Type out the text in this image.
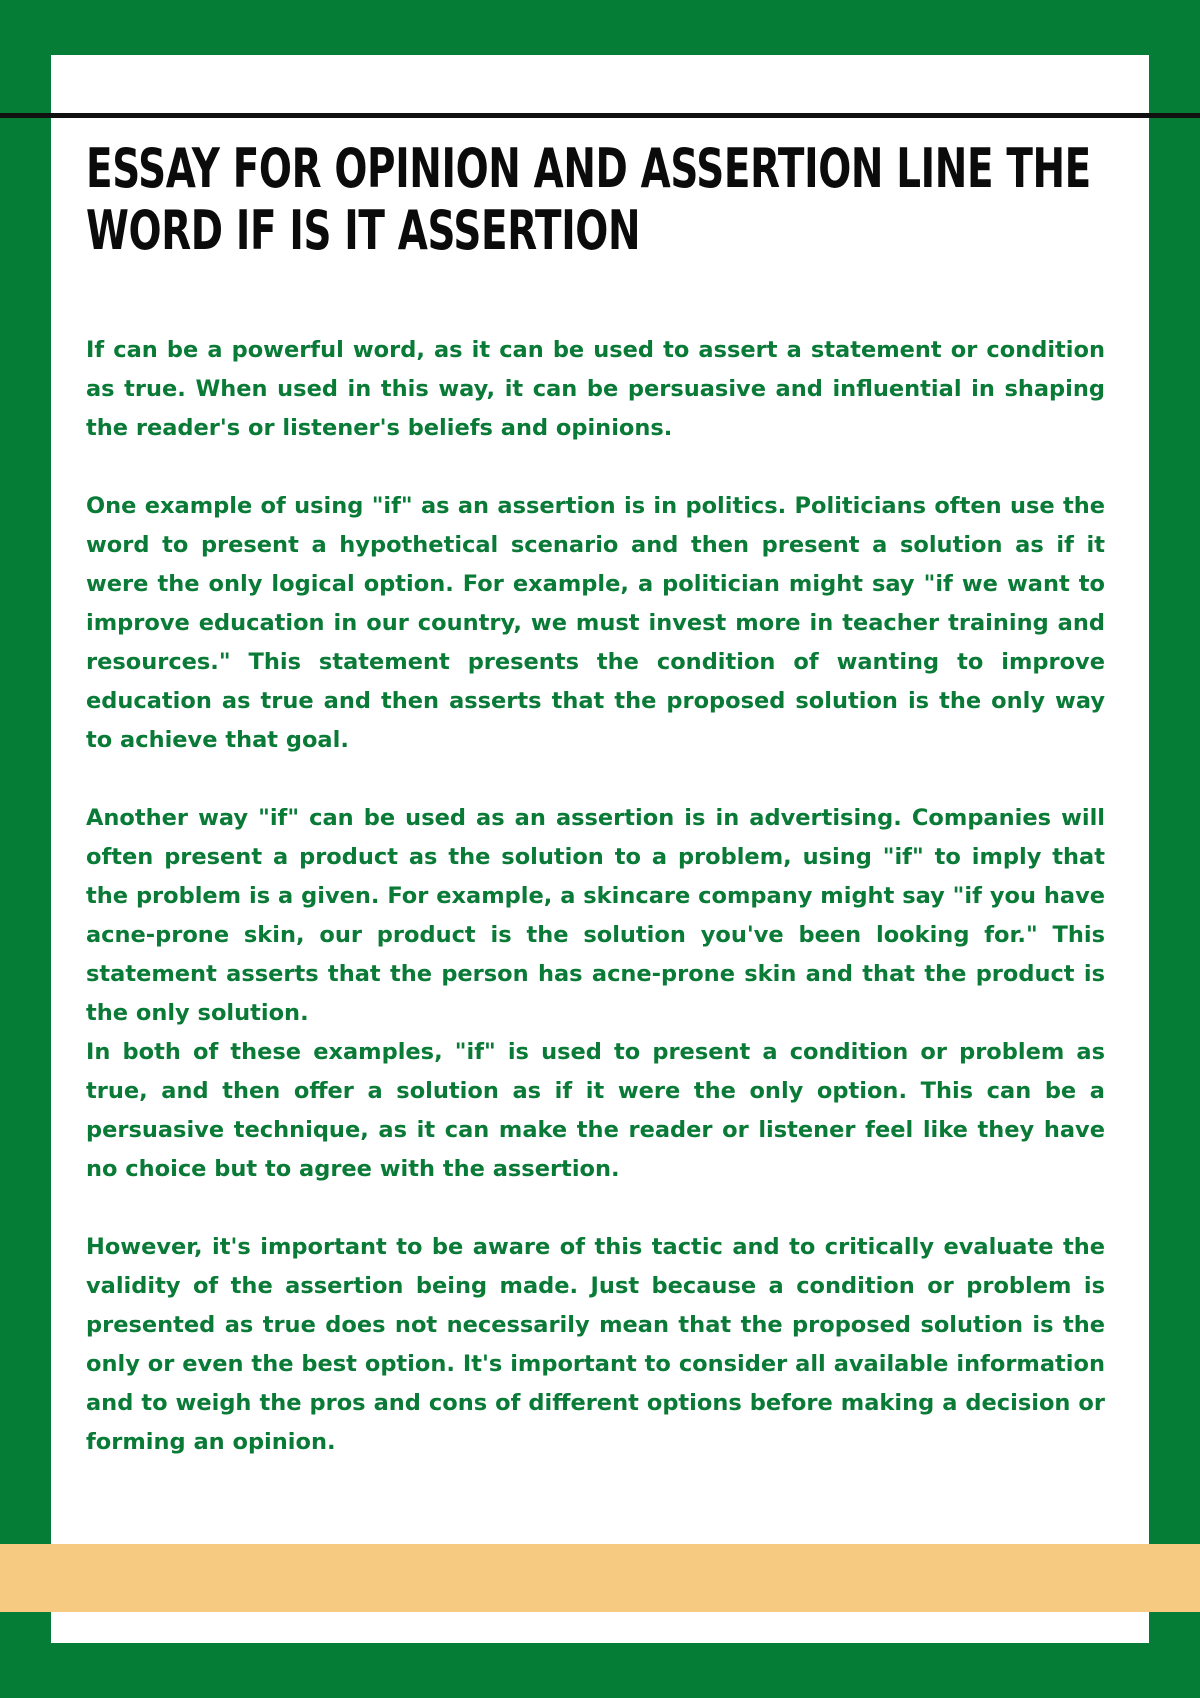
ESSAY FOR OPINION AND ASSERTION LINE THE WORD IF IS IT ASSERTION

If can be a powerful word, as it can be used to assert a statement or condition as true. When used in this way, it can be persuasive and influential in shaping the reader's or listener's beliefs and opinions.

One example of using "if" as an assertion is in politics. Politicians often use the word to present a hypothetical scenario and then present a solution as if it were the only logical option. For example, a politician might say "if we want to improve education in our country, we must invest more in teacher training and resources." This statement presents the condition of wanting to improve education as true and then asserts that the proposed solution is the only way to achieve that goal.

Another way "if" can be used as an assertion is in advertising. Companies will often present a product as the solution to a problem, using "if" to imply that the problem is a given. For example, a skincare company might say "if you have acne-prone skin, our product is the solution you've been looking for." This statement asserts that the person has acne-prone skin and that the product is the only solution.

In both of these examples, "if" is used to present a condition or problem as true, and then offer a solution as if it were the only option. This can be a persuasive technique, as it can make the reader or listener feel like they have no choice but to agree with the assertion.

However, it's important to be aware of this tactic and to critically evaluate the validity of the assertion being made. Just because a condition or problem is presented as true does not necessarily mean that the proposed solution is the only or even the best option. It's important to consider all available information and to weigh the pros and cons of different options before making a decision or forming an opinion.
